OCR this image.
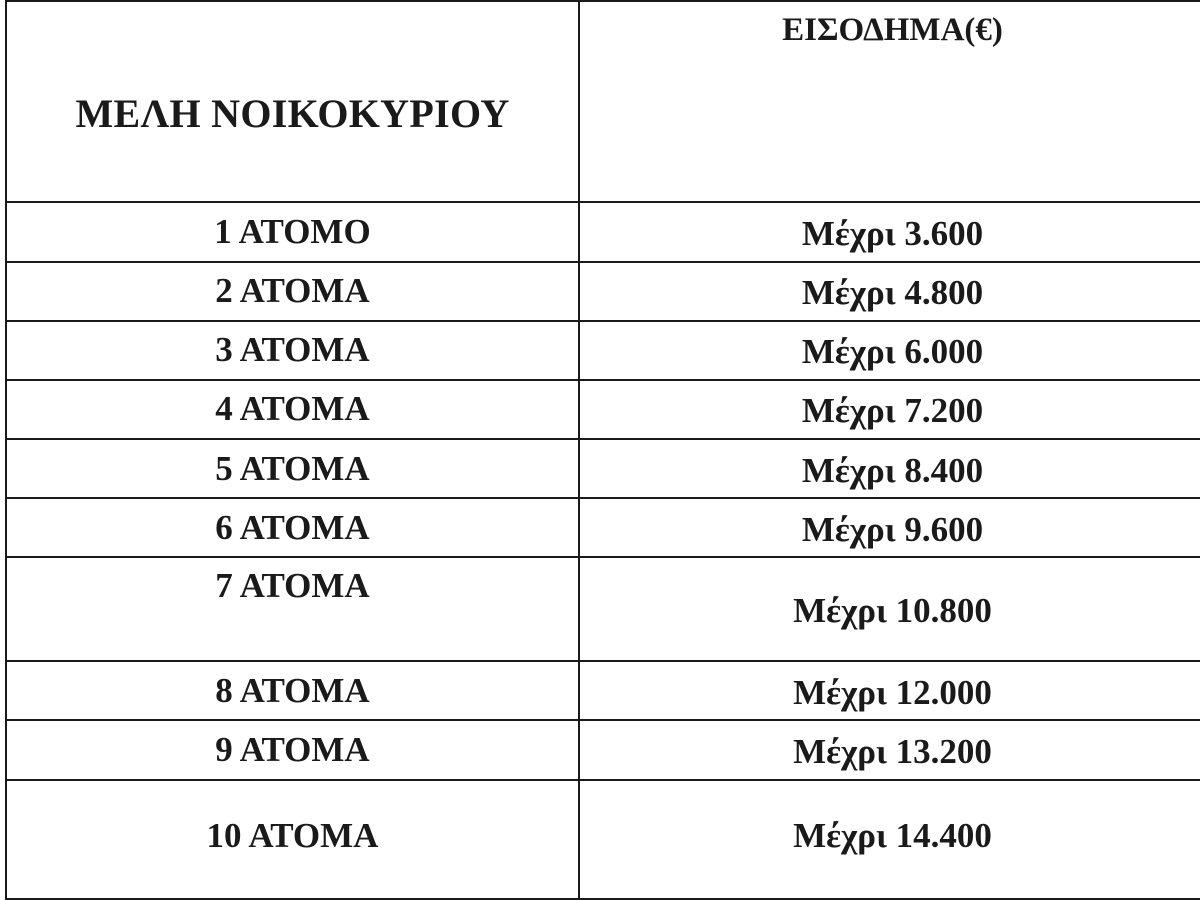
ΜΕΛΗ ΝΟΙΚΟΚΥΡΙΟΥ	ΕΙΣΟΔΗΜΑ(€)
1 ΑΤΟΜΟ	Μέχρι 3.600
2 ΑΤΟΜΑ	Μέχρι 4.800
3 ΑΤΟΜΑ	Μέχρι 6.000
4 ΑΤΟΜΑ	Μέχρι 7.200
5 ΑΤΟΜΑ	Μέχρι 8.400
6 ΑΤΟΜΑ	Μέχρι 9.600
7 ΑΤΟΜΑ	Μέχρι 10.800
8 ΑΤΟΜΑ	Μέχρι 12.000
9 ΑΤΟΜΑ	Μέχρι 13.200
10 ΑΤΟΜΑ	Μέχρι 14.400
